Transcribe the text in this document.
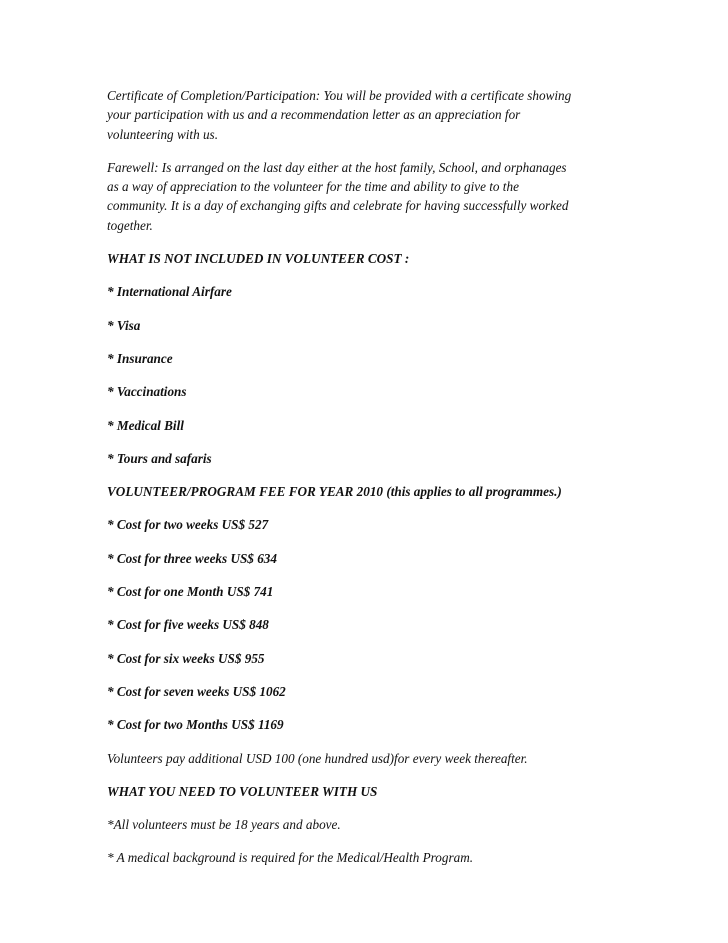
Certificate of Completion/Participation: You will be provided with a certificate showing
your participation with us and a recommendation letter as an appreciation for
volunteering with us.
Farewell: Is arranged on the last day either at the host family, School, and orphanages
as a way of appreciation to the volunteer for the time and ability to give to the
community. It is a day of exchanging gifts and celebrate for having successfully worked
together.
WHAT IS NOT INCLUDED IN VOLUNTEER COST :
* International Airfare
* Visa
* Insurance
* Vaccinations
* Medical Bill
* Tours and safaris
VOLUNTEER/PROGRAM FEE FOR YEAR 2010 (this applies to all programmes.)
* Cost for two weeks US$ 527
* Cost for three weeks US$ 634
* Cost for one Month US$ 741
* Cost for five weeks US$ 848
* Cost for six weeks US$ 955
* Cost for seven weeks US$ 1062
* Cost for two Months US$ 1169
Volunteers pay additional USD 100 (one hundred usd)for every week thereafter.
WHAT YOU NEED TO VOLUNTEER WITH US
*All volunteers must be 18 years and above.
* A medical background is required for the Medical/Health Program.
